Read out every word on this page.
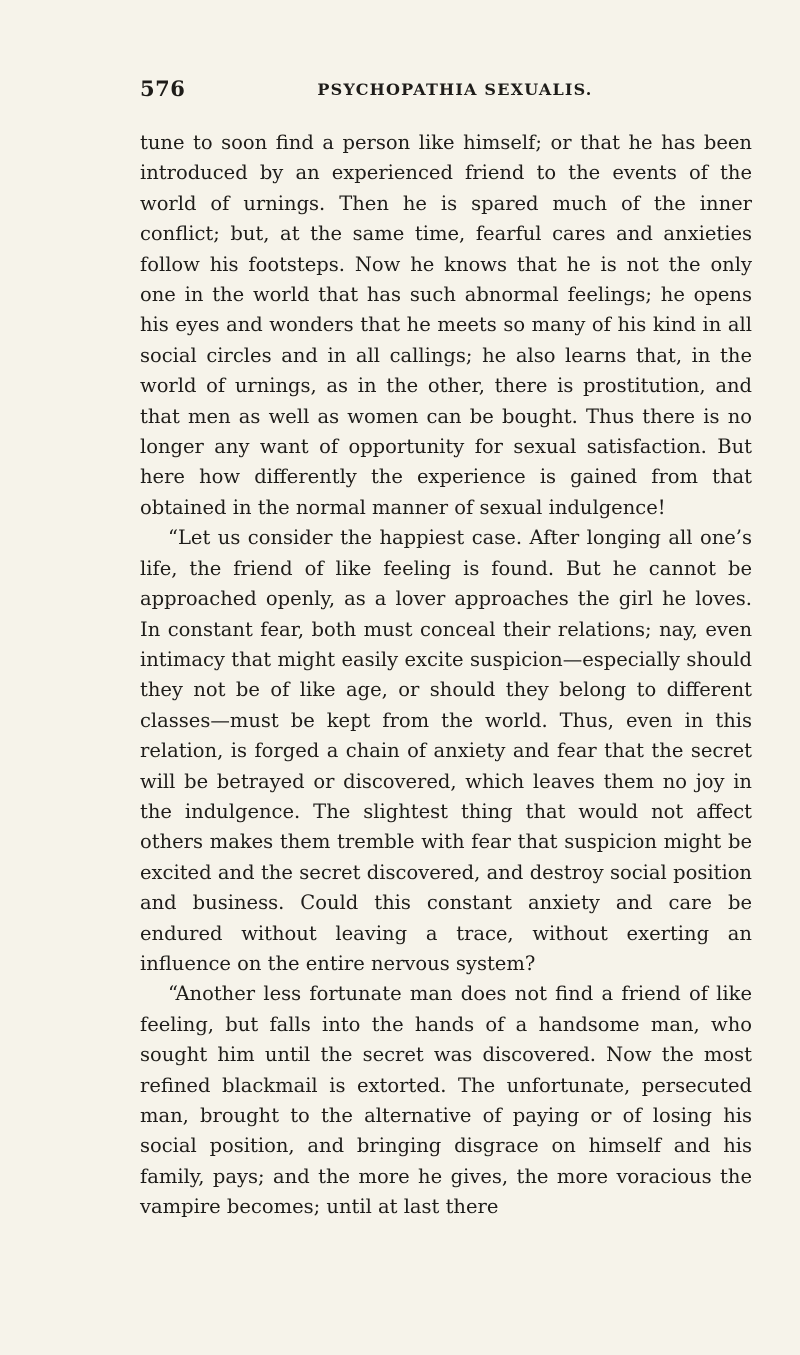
576	PSYCHOPATHIA SEXUALIS.

tune to soon find a person like himself; or that he has been introduced by an experienced friend to the events of the world of urnings. Then he is spared much of the inner conflict; but, at the same time, fearful cares and anxieties follow his footsteps. Now he knows that he is not the only one in the world that has such abnormal feelings; he opens his eyes and wonders that he meets so many of his kind in all social circles and in all callings; he also learns that, in the world of urnings, as in the other, there is prostitution, and that men as well as women can be bought. Thus there is no longer any want of opportunity for sexual satisfaction. But here how differently the experience is gained from that obtained in the normal manner of sexual indulgence!

“Let us consider the happiest case. After longing all one’s life, the friend of like feeling is found. But he cannot be approached openly, as a lover approaches the girl he loves. In constant fear, both must conceal their relations; nay, even intimacy that might easily excite suspicion—especially should they not be of like age, or should they belong to different classes—must be kept from the world. Thus, even in this relation, is forged a chain of anxiety and fear that the secret will be betrayed or discovered, which leaves them no joy in the indulgence. The slightest thing that would not affect others makes them tremble with fear that suspicion might be excited and the secret discovered, and destroy social position and business. Could this constant anxiety and care be endured without leaving a trace, without exerting an influence on the entire nervous system?

“Another less fortunate man does not find a friend of like feeling, but falls into the hands of a handsome man, who sought him until the secret was discovered. Now the most refined blackmail is extorted. The unfortunate, persecuted man, brought to the alternative of paying or of losing his social position, and bringing disgrace on himself and his family, pays; and the more he gives, the more voracious the vampire becomes; until at last there
